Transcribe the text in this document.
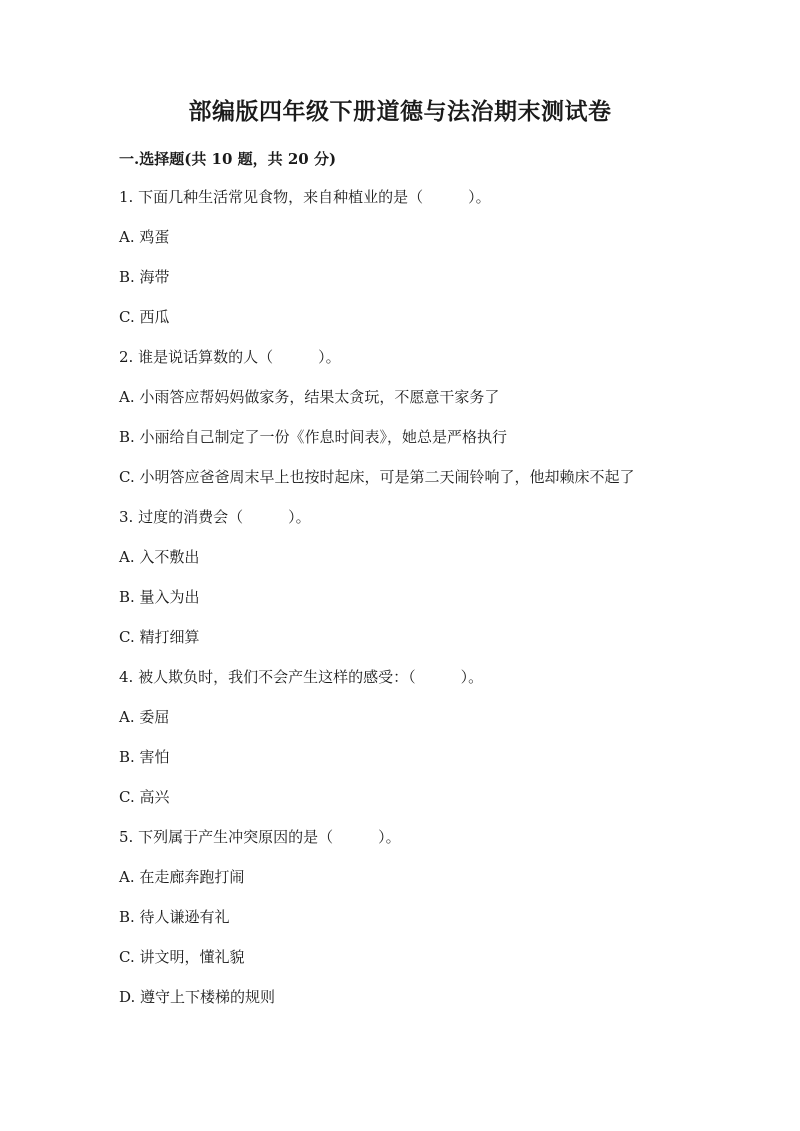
部编版四年级下册道德与法治期末测试卷
一.选择题(共 10 题，共 20 分)
1. 下面几种生活常见食物，来自种植业的是（　　　）。
A. 鸡蛋
B. 海带
C. 西瓜
2. 谁是说话算数的人（　　　）。
A. 小雨答应帮妈妈做家务，结果太贪玩，不愿意干家务了
B. 小丽给自己制定了一份《作息时间表》，她总是严格执行
C. 小明答应爸爸周末早上也按时起床，可是第二天闹铃响了，他却赖床不起了
3. 过度的消费会（　　　）。
A. 入不敷出
B. 量入为出
C. 精打细算
4. 被人欺负时，我们不会产生这样的感受：（　　　）。
A. 委屈
B. 害怕
C. 高兴
5. 下列属于产生冲突原因的是（　　　）。
A. 在走廊奔跑打闹
B. 待人谦逊有礼
C. 讲文明，懂礼貌
D. 遵守上下楼梯的规则
